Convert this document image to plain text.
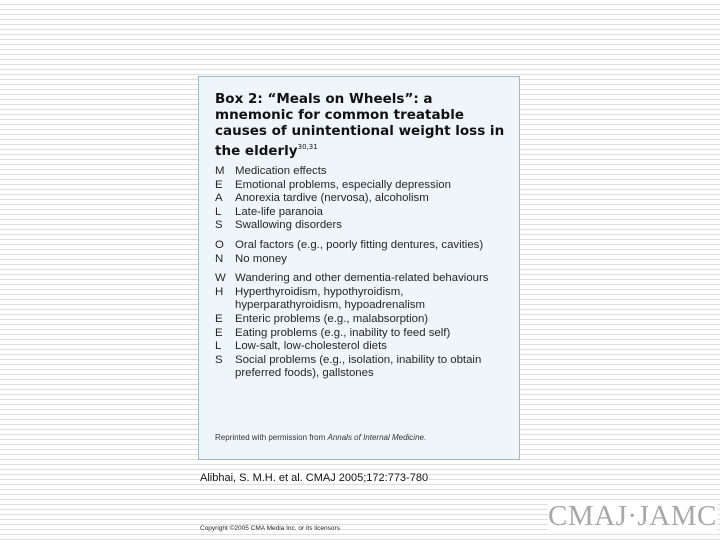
Box 2: “Meals on Wheels”: a mnemonic for common treatable causes of unintentional weight loss in the elderly$^{30,31}$
M Medication effects
E	Emotional problems, especially depression
A	Anorexia tardive (nervosa), alcoholism
L	Late-life paranoia
S	Swallowing disorders
O Oral factors (e.g., poorly fitting dentures, cavities)
N	No money
W Wandering and other dementia-related behaviours
H	Hyperthyroidism, hypothyroidism, hyperparathyroidism, hypoadrenalism
E	Enteric problems (e.g., malabsorption)
E	Eating problems (e.g., inability to feed self)
L	Low-salt, low-cholesterol diets
S	Social problems (e.g., isolation, inability to obtain preferred foods), gallstones
Reprinted with permission from Annals of Internal Medicine.
Alibhai, S. M.H. et al. CMAJ 2005;172:773-780
Copyright ©2005 CMA Media Inc. or its licensors	CMAJ·JAMC
